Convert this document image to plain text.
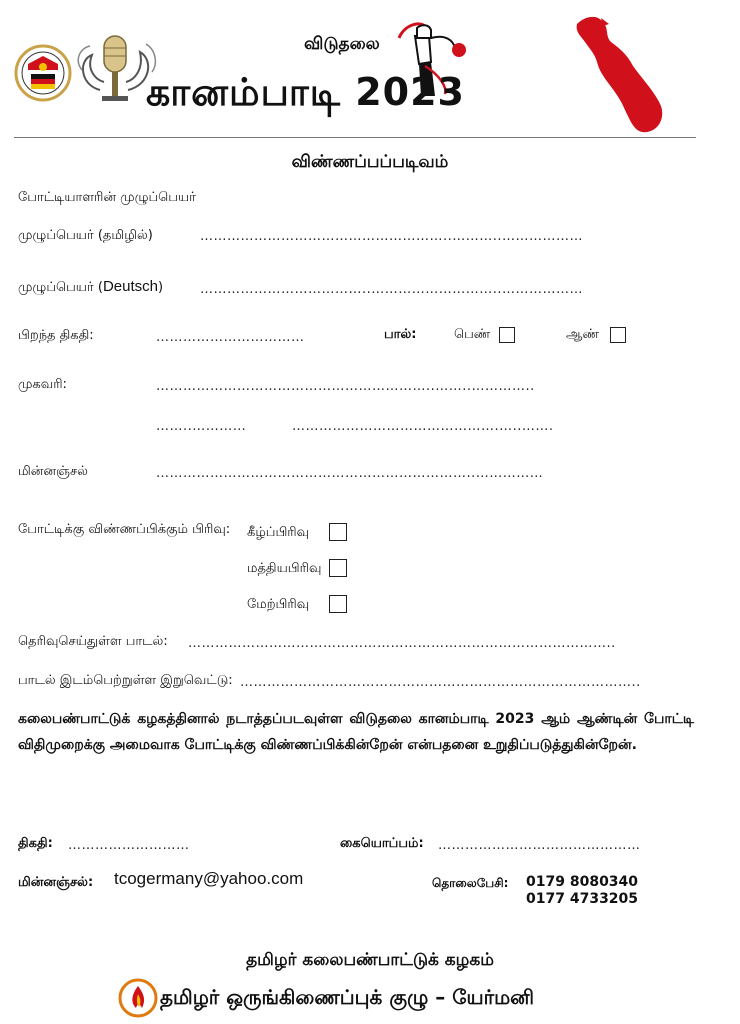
விடுதலை
கானம்பாடி 2023
விண்ணப்பப்படிவம்
போட்டியாளரின் முழுப்பெயர்
முழுப்பெயர் (தமிழில்)	………………………………………………..………..………………
முழுப்பெயர் (Deutsch)	………………………………..………………………..………………
பிறந்த திகதி:	……………………………	பால்:	பெண்	ஆண்
முகவரி:	……………………………………………………..……..…………..
……..…………	……………………………………….…..…….
மின்னஞ்சல்	……………………………………………………………..……………
போட்டிக்கு விண்ணப்பிக்கும் பிரிவு: கீழ்ப்பிரிவு
மத்தியபிரிவு
மேற்பிரிவு
தெரிவுசெய்துள்ள பாடல்: …………………………………………………………………………………..
பாடல் இடம்பெற்றுள்ள இறுவெட்டு: ……………………………………………………………………………..
கலைபண்பாட்டுக் கழகத்தினால் நடாத்தப்படவுள்ள விடுதலை கானம்பாடி 2023 ஆம் ஆண்டின் போட்டி விதிமுறைக்கு அமைவாக போட்டிக்கு விண்ணப்பிக்கின்றேன் என்பதனை உறுதிப்படுத்துகின்றேன்.
திகதி: ………………………	கையொப்பம்: ………………………………………
மின்னஞ்சல்: tcogermany@yahoo.com	தொலைபேசி: 0179 8080340
0177 4733205
தமிழர் கலைபண்பாட்டுக் கழகம்
தமிழர் ஒருங்கிணைப்புக் குழு – யேர்மனி
